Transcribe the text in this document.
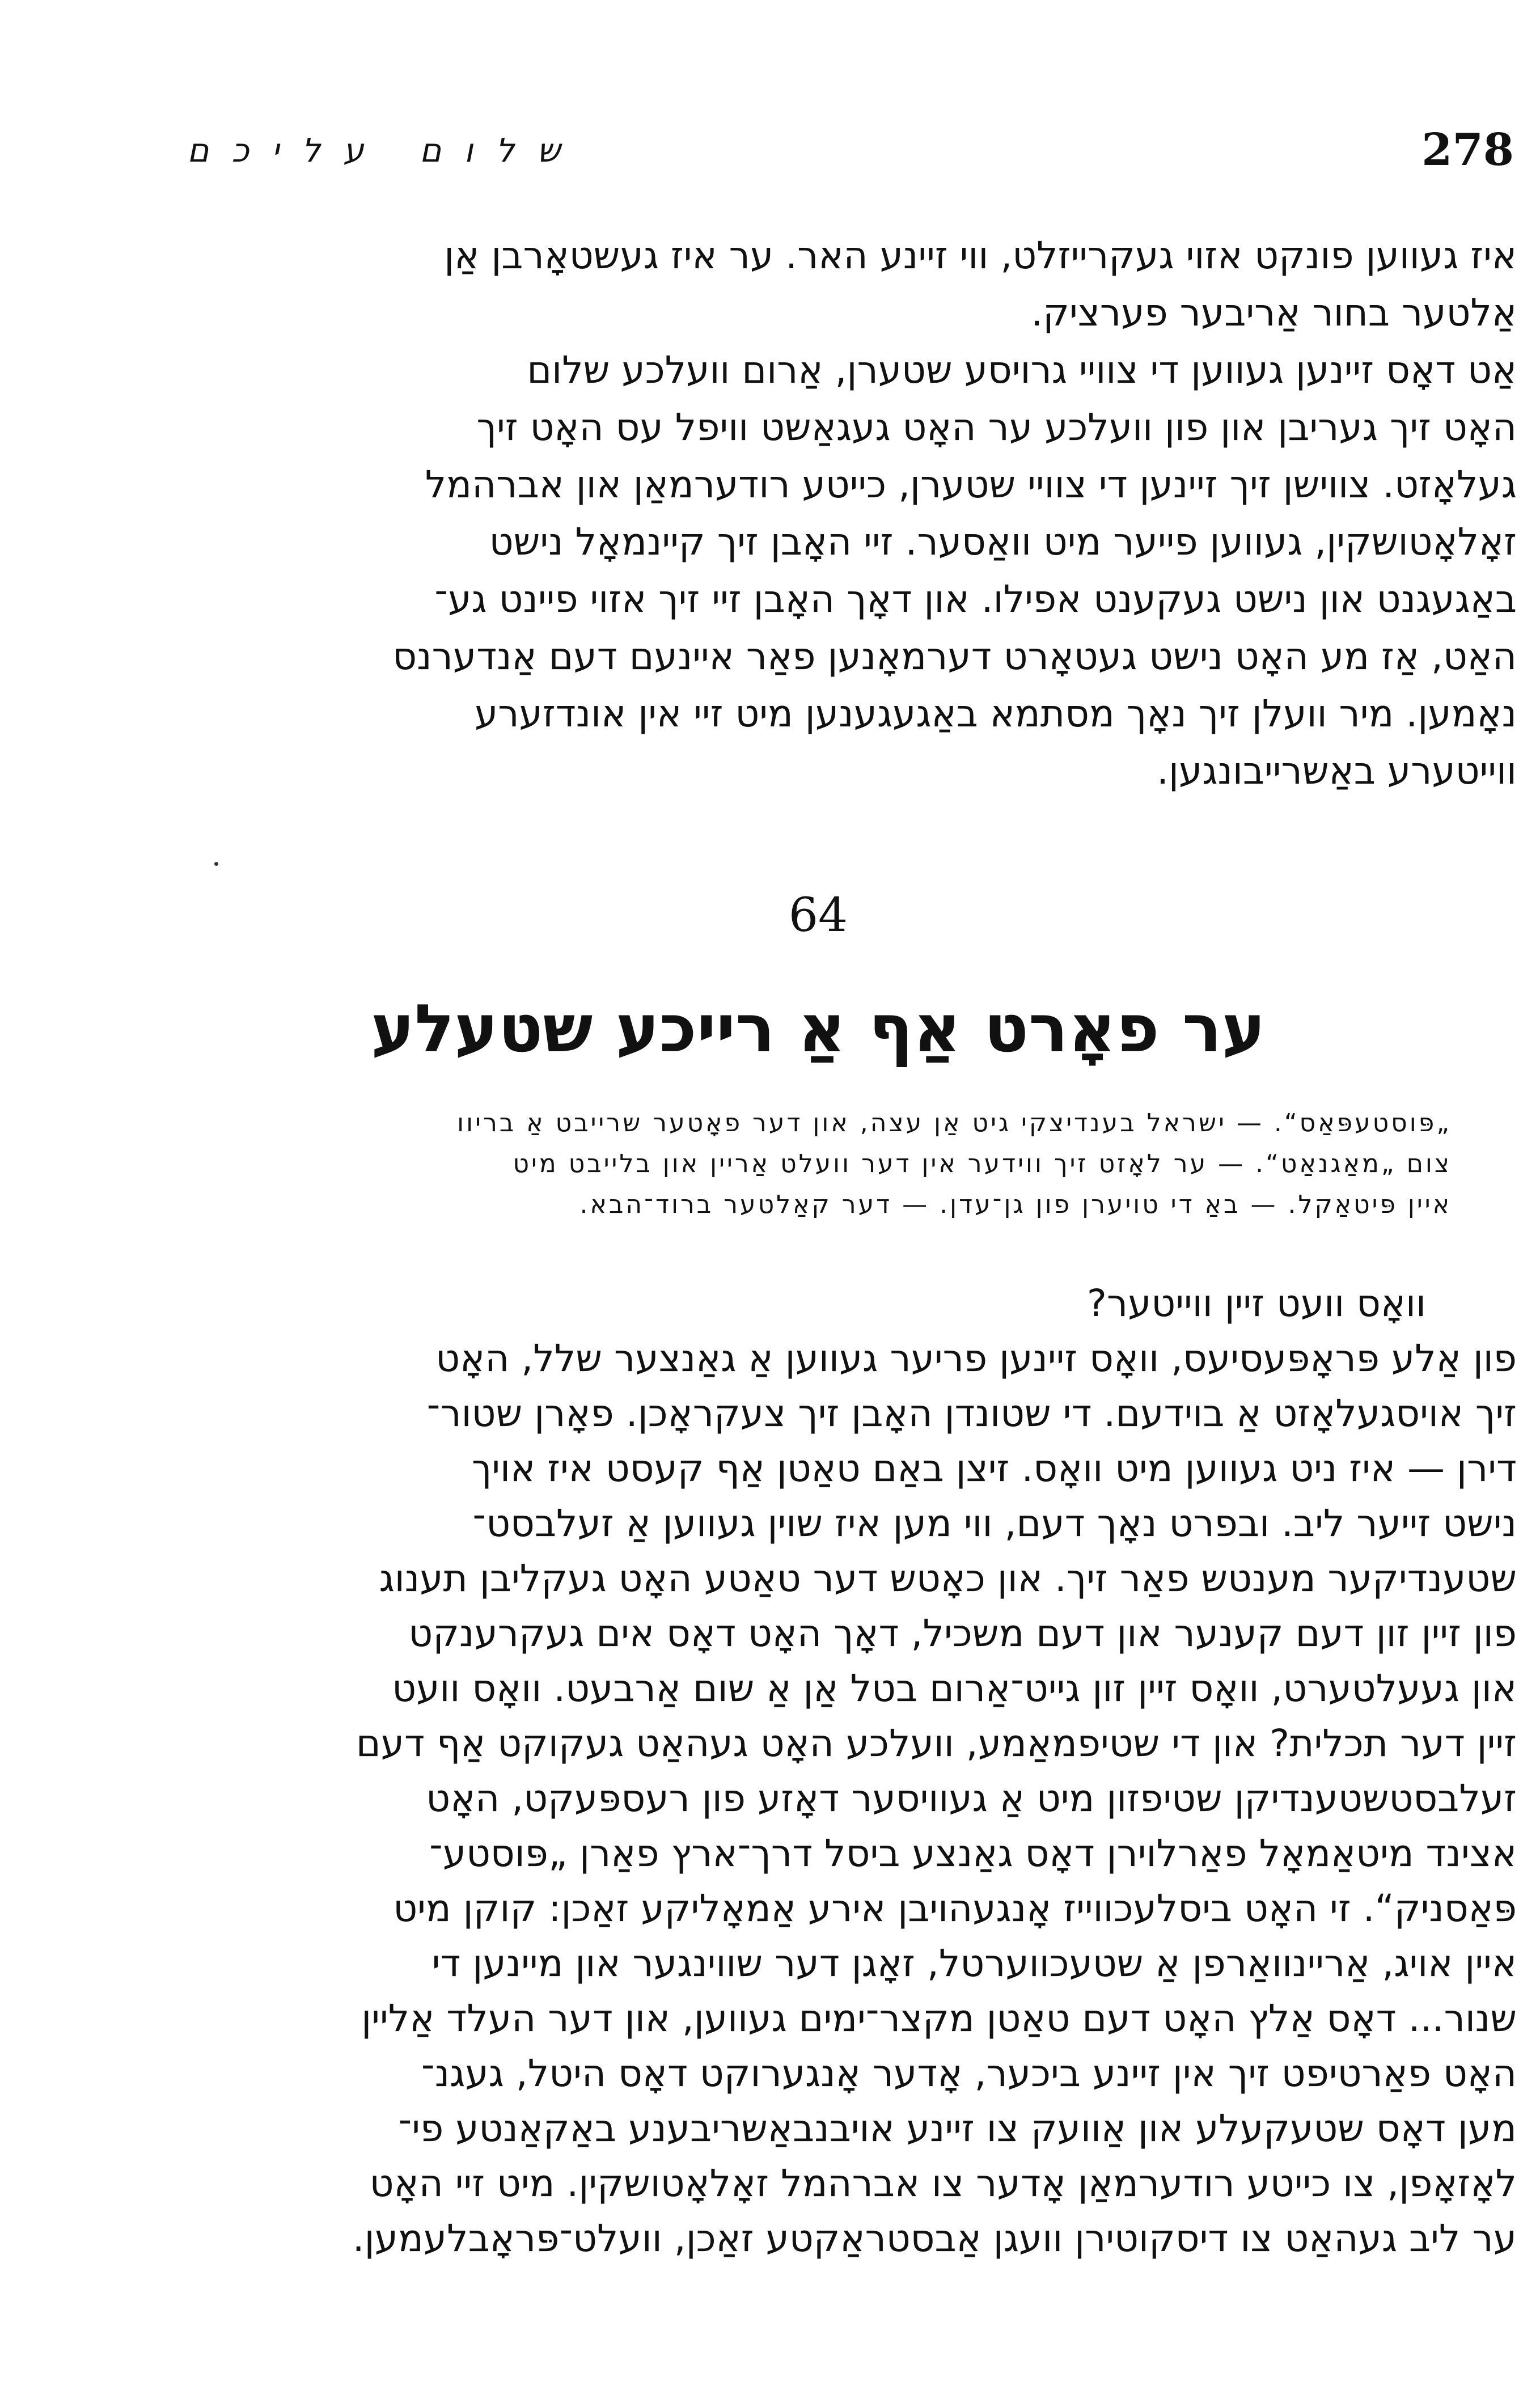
שלום עליכם	278
איז געווען פונקט אזוי געקרייזלט, ווי זיינע האר. ער איז געשטאָרבן אַן
אַלטער בחור אַריבער פערציק.
אַט דאָס זיינען געווען די צוויי גרויסע שטערן, אַרום וועלכע שלום
האָט זיך געריבן און פון וועלכע ער האָט געגאַשט וויפל עס האָט זיך
געלאָזט. צווישן זיך זיינען די צוויי שטערן, כייטע רודערמאַן און אברהמל
זאָלאָטושקין, געווען פייער מיט וואַסער. זיי האָבן זיך קיינמאָל נישט
באַגעגנט און נישט געקענט אפילו. און דאָך האָבן זיי זיך אזוי פיינט גע־
האַט, אַז מע האָט נישט געטאָרט דערמאָנען פאַר איינעם דעם אַנדערנס
נאָמען. מיר וועלן זיך נאָך מסתמא באַגעגענען מיט זיי אין אונדזערע
ווייטערע באַשרייבונגען.
64
ער פאָרט אַף אַ רייכע שטעלע
„פּוסטעפּאַס“. — ישראל בענדיצקי גיט אַן עצה, און דער פאָטער שרייבט אַ בריוו
צום „מאַגנאַט“. — ער לאָזט זיך ווידער אין דער וועלט אַריין און בלייבט מיט
איין פּיטאַקל. — באַ די טויערן פון גן־עדן. — דער קאַלטער ברוד־הבא.
וואָס וועט זיין ווייטער?
פון אַלע פּראָפּעסיעס, וואָס זיינען פריער געווען אַ גאַנצער שלל, האָט
זיך אויסגעלאָזט אַ בוידעם. די שטונדן האָבן זיך צעקראָכן. פאָרן שטור־
דירן — איז ניט געווען מיט וואָס. זיצן באַם טאַטן אַף קעסט איז אויך
נישט זייער ליב. ובפרט נאָך דעם, ווי מען איז שוין געווען אַ זעלבסט־
שטענדיקער מענטש פאַר זיך. און כאָטש דער טאַטע האָט געקליבן תענוג
פון זיין זון דעם קענער און דעם משכיל, דאָך האָט דאָס אים געקרענקט
און געעלטערט, וואָס זיין זון גייט־אַרום בטל אַן אַ שום אַרבעט. וואָס וועט
זיין דער תכלית? און די שטיפמאַמע, וועלכע האָט געהאַט געקוקט אַף דעם
זעלבסטשטענדיקן שטיפזון מיט אַ געוויסער דאָזע פון רעספּעקט, האָט
אצינד מיטאַמאָל פאַרלוירן דאָס גאַנצע ביסל דרך־ארץ פאַרן „פּוסטע־
פּאַסניק“. זי האָט ביסלעכווייז אָנגעהויבן אירע אַמאָליקע זאַכן: קוקן מיט
איין אויג, אַריינוואַרפן אַ שטעכווערטל, זאָגן דער שווינגער און מיינען די
שנור... דאָס אַלץ האָט דעם טאַטן מקצר־ימים געווען, און דער העלד אַליין
האָט פאַרטיפט זיך אין זיינע ביכער, אָדער אָנגערוקט דאָס היטל, געגנ־
מען דאָס שטעקעלע און אַוועק צו זיינע אויבנבאַשריבענע באַקאַנטע פי־
לאָזאָפן, צו כייטע רודערמאַן אָדער צו אברהמל זאָלאָטושקין. מיט זיי האָט
ער ליב געהאַט צו דיסקוטירן וועגן אַבסטראַקטע זאַכן, וועלט־פּראָבלעמען.
